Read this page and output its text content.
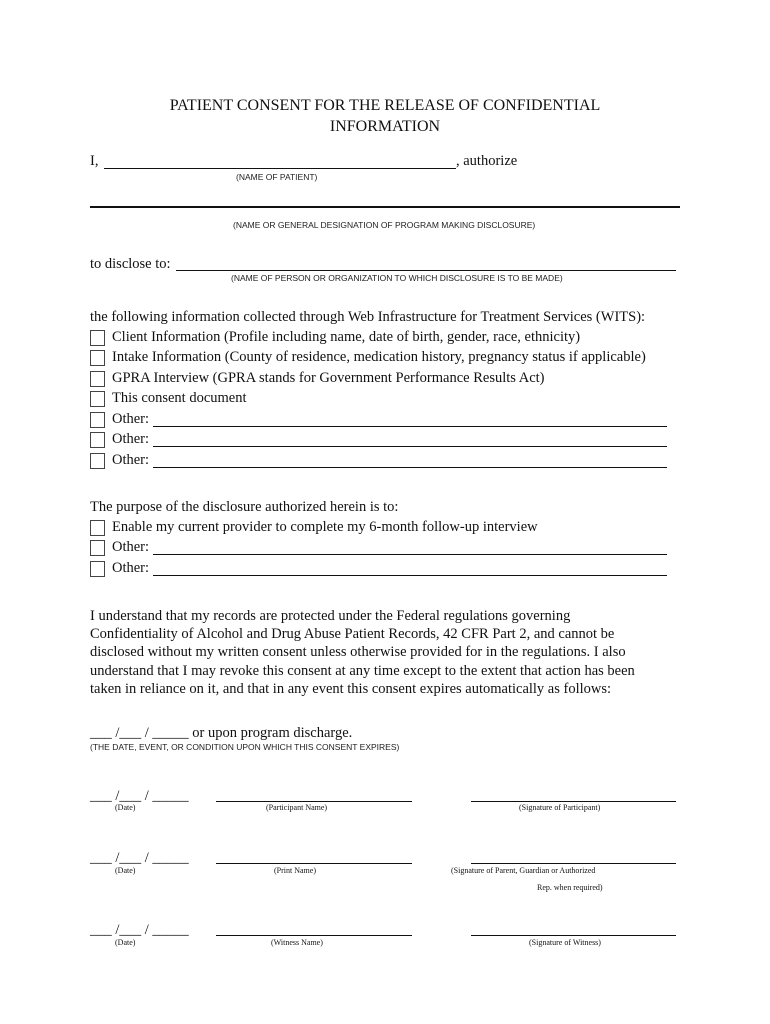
PATIENT CONSENT FOR THE RELEASE OF CONFIDENTIAL
INFORMATION
I,	, authorize
(NAME OF PATIENT)
(NAME OR GENERAL DESIGNATION OF PROGRAM MAKING DISCLOSURE)
to disclose to:
(NAME OF PERSON OR ORGANIZATION TO WHICH DISCLOSURE IS TO BE MADE)
the following information collected through Web Infrastructure for Treatment Services (WITS):
Client Information (Profile including name, date of birth, gender, race, ethnicity)
Intake Information (County of residence, medication history, pregnancy status if applicable)
GPRA Interview (GPRA stands for Government Performance Results Act)
This consent document
Other:
Other:
Other:
The purpose of the disclosure authorized herein is to:
Enable my current provider to complete my 6-month follow-up interview
Other:
Other:
I understand that my records are protected under the Federal regulations governing
Confidentiality of Alcohol and Drug Abuse Patient Records, 42 CFR Part 2, and cannot be
disclosed without my written consent unless otherwise provided for in the regulations. I also
understand that I may revoke this consent at any time except to the extent that action has been
taken in reliance on it, and that in any event this consent expires automatically as follows:
___ /___ / _____ or upon program discharge.
(THE DATE, EVENT, OR CONDITION UPON WHICH THIS CONSENT EXPIRES)
___ /___ / _____
(Date)	(Participant Name)	(Signature of Participant)
___ /___ / _____
(Date)	(Print Name)	(Signature of Parent, Guardian or Authorized
Rep. when required)
___ /___ / _____
(Date)	(Witness Name)	(Signature of Witness)
